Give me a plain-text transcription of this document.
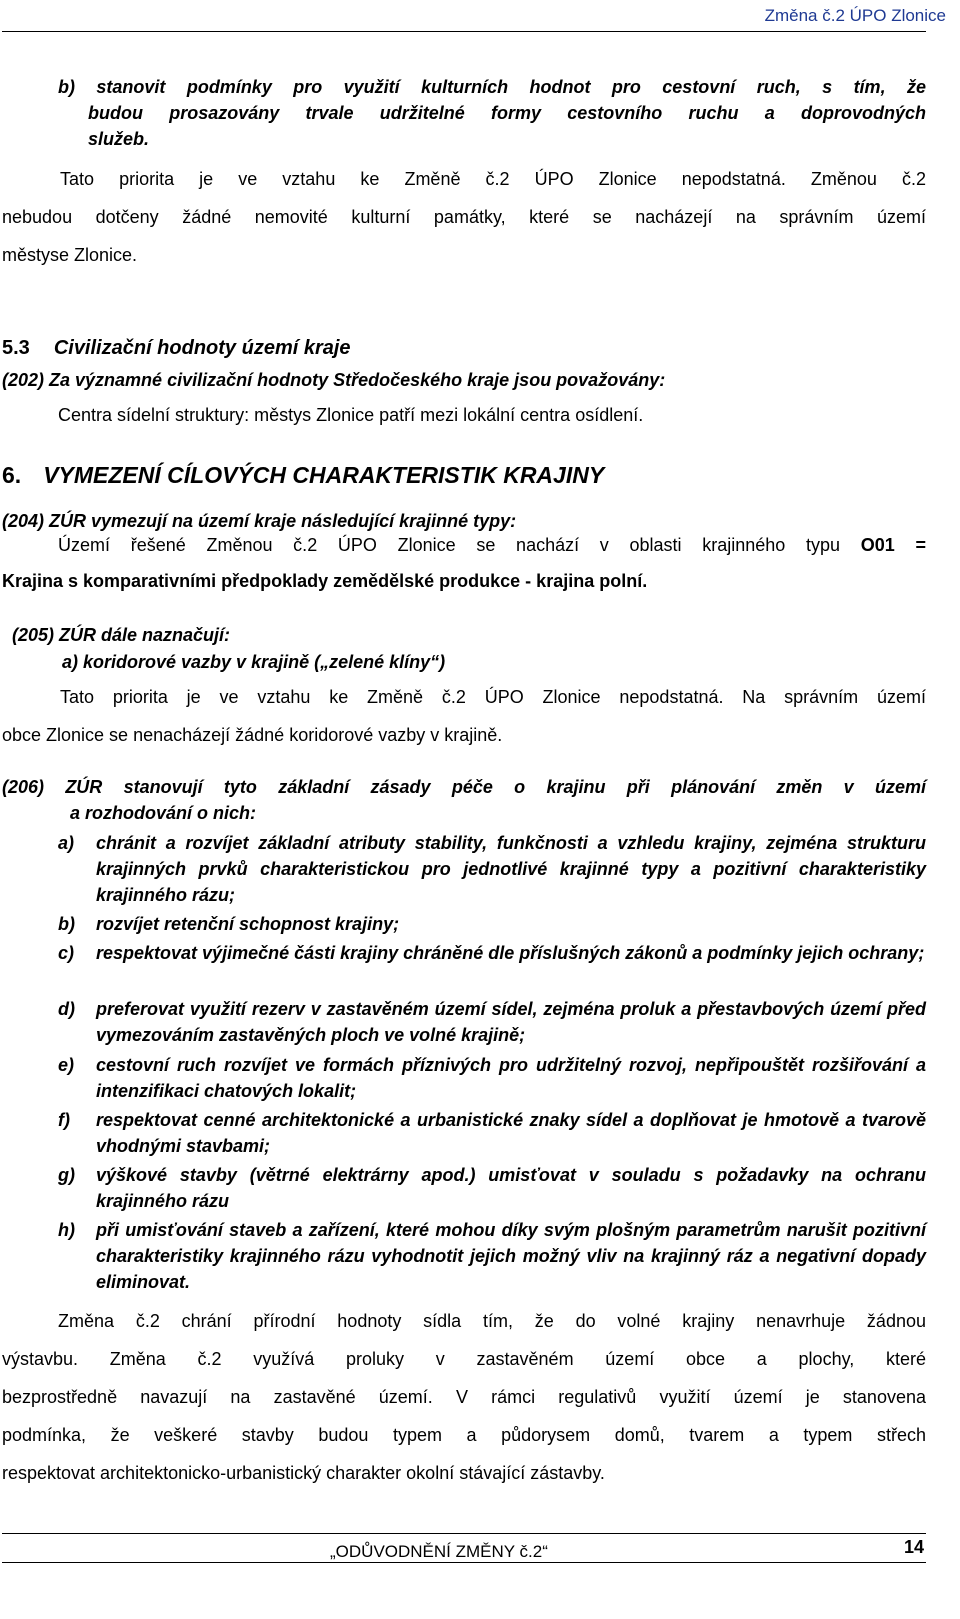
Změna č.2 ÚPO Zlonice
b) stanovit podmínky pro využití kulturních hodnot pro cestovní ruch, s tím, že
budou prosazovány trvale udržitelné formy cestovního ruchu a doprovodných
služeb.
Tato priorita je ve vztahu ke Změně č.2 ÚPO Zlonice nepodstatná. Změnou č.2
nebudou dotčeny žádné nemovité kulturní památky, které se nacházejí na správním území
městyse Zlonice.
5.3 Civilizační hodnoty území kraje
(202) Za významné civilizační hodnoty Středočeského kraje jsou považovány:
Centra sídelní struktury: městys Zlonice patří mezi lokální centra osídlení.
6. VYMEZENÍ CÍLOVÝCH CHARAKTERISTIK KRAJINY
(204) ZÚR vymezují na území kraje následující krajinné typy:
Území řešené Změnou č.2 ÚPO Zlonice se nachází v oblasti krajinného typu O01 =
Krajina s komparativními předpoklady zemědělské produkce - krajina polní.
(205) ZÚR dále naznačují:
a) koridorové vazby v krajině („zelené klíny“)
Tato priorita je ve vztahu ke Změně č.2 ÚPO Zlonice nepodstatná. Na správním území
obce Zlonice se nenacházejí žádné koridorové vazby v krajině.
(206) ZÚR stanovují tyto základní zásady péče o krajinu při plánování změn v území
a rozhodování o nich:
a) chránit a rozvíjet základní atributy stability, funkčnosti a vzhledu krajiny, zejména strukturu krajinných prvků charakteristickou pro jednotlivé krajinné typy a pozitivní charakteristiky krajinného rázu;
b) rozvíjet retenční schopnost krajiny;
c) respektovat výjimečné části krajiny chráněné dle příslušných zákonů a podmínky jejich ochrany;
d) preferovat využití rezerv v zastavěném území sídel, zejména proluk a přestavbových území před vymezováním zastavěných ploch ve volné krajině;
e) cestovní ruch rozvíjet ve formách příznivých pro udržitelný rozvoj, nepřipouštět rozšiřování a intenzifikaci chatových lokalit;
f) respektovat cenné architektonické a urbanistické znaky sídel a doplňovat je hmotově a tvarově vhodnými stavbami;
g) výškové stavby (větrné elektrárny apod.) umisťovat v souladu s požadavky na ochranu krajinného rázu
h) při umisťování staveb a zařízení, které mohou díky svým plošným parametrům narušit pozitivní charakteristiky krajinného rázu vyhodnotit jejich možný vliv na krajinný ráz a negativní dopady eliminovat.
Změna č.2 chrání přírodní hodnoty sídla tím, že do volné krajiny nenavrhuje žádnou
výstavbu. Změna č.2 využívá proluky v zastavěném území obce a plochy, které
bezprostředně navazují na zastavěné území. V rámci regulativů využití území je stanovena
podmínka, že veškeré stavby budou typem a půdorysem domů, tvarem a typem střech
respektovat architektonicko-urbanistický charakter okolní stávající zástavby.
„ODŮVODNĚNÍ ZMĚNY č.2“	14
